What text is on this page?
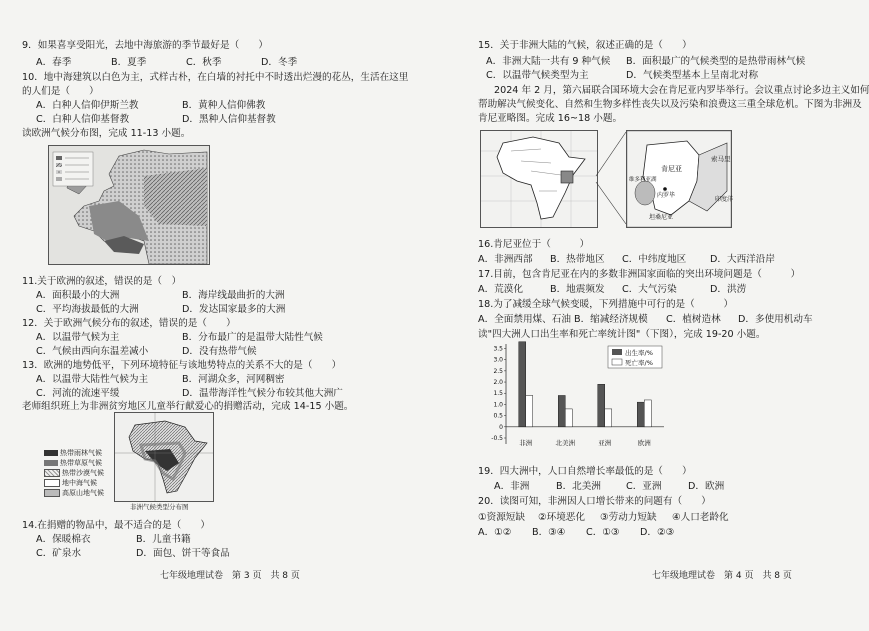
9．如果喜享受阳光，去地中海旅游的季节最好是（　　）
A．春季	B．夏季	C．秋季	D．冬季
10．地中海建筑以白色为主，式样古朴，在白墙的衬托中不时透出烂漫的花丛，生活在这里
的人们是（　　）
A．白种人信仰伊斯兰教	B．黄种人信仰佛教
C．白种人信仰基督教	D．黑种人信仰基督教
读欧洲气候分布图，完成 11-13 小题。
11.关于欧洲的叙述，错误的是（　）
A．面积最小的大洲	B．海岸线最曲折的大洲
C．平均海拔最低的大洲	D．发达国家最多的大洲
12．关于欧洲气候分布的叙述，错误的是（　　）
A．以温带气候为主	B．分布最广的是温带大陆性气候
C．气候由西向东温差减小	D．没有热带气候
13．欧洲的地势低平，下列环境特征与该地势特点的关系不大的是（　　）
A．以温带大陆性气候为主	B．河湖众多，河网稠密
C．河流的流速平缓	D．温带海洋性气候分布较其他大洲广
老师组织班上为非洲贫穷地区儿童举行献爱心的捐赠活动，完成 14-15 小题。
热带雨林气候
热带草原气候
热带沙漠气候
地中海气候
高原山地气候
非洲气候类型分布图
14.在捐赠的物品中，最不适合的是（　　）
A．保暖棉衣	B．儿童书籍
C．矿泉水	D．面包、饼干等食品
七年级地理试卷　第 3 页　共 8 页
15．关于非洲大陆的气候，叙述正确的是（　　）
A．非洲大陆一共有 9 种气候	B．面积最广的气候类型的是热带雨林气候
C．以温带气候类型为主	D．气候类型基本上呈南北对称
2024 年 2 月，第六届联合国环境大会在肯尼亚内罗毕举行。会议重点讨论多边主义如何
帮助解决气候变化、自然和生物多样性丧失以及污染和浪费这三重全球危机。下图为非洲及
肯尼亚略图。完成 16~18 小题。
索马里
肯尼亚
内罗毕
维多利亚湖
坦桑尼亚
印度洋
16.肯尼亚位于（　　　）
A．非洲西部	B．热带地区	C．中纬度地区	D．大西洋沿岸
17.目前，包含肯尼亚在内的多数非洲国家面临的突出环境问题是（　　　）
A．荒漠化	B．地震频发	C．大气污染	D．洪涝
18.为了减缓全球气候变暖，下列措施中可行的是（　　　）
A．全面禁用煤、石油 B．缩减经济规模	C．植树造林	D．多使用机动车
读"四大洲人口出生率和死亡率统计图"（下图），完成 19-20 小题。
3.5
3.0
2.5
2.0
1.5
1.0
0.5
0
-0.5
非洲	北美洲	亚洲	欧洲
出生率/%
死亡率/%
19．四大洲中，人口自然增长率最低的是（　　）
A．非洲	B．北美洲	C．亚洲	D．欧洲
20．读图可知，非洲因人口增长带来的问题有（　　）
①资源短缺	②环境恶化	③劳动力短缺	④人口老龄化
A．①②	B．③④	C．①③	D．②③
七年级地理试卷　第 4 页　共 8 页
